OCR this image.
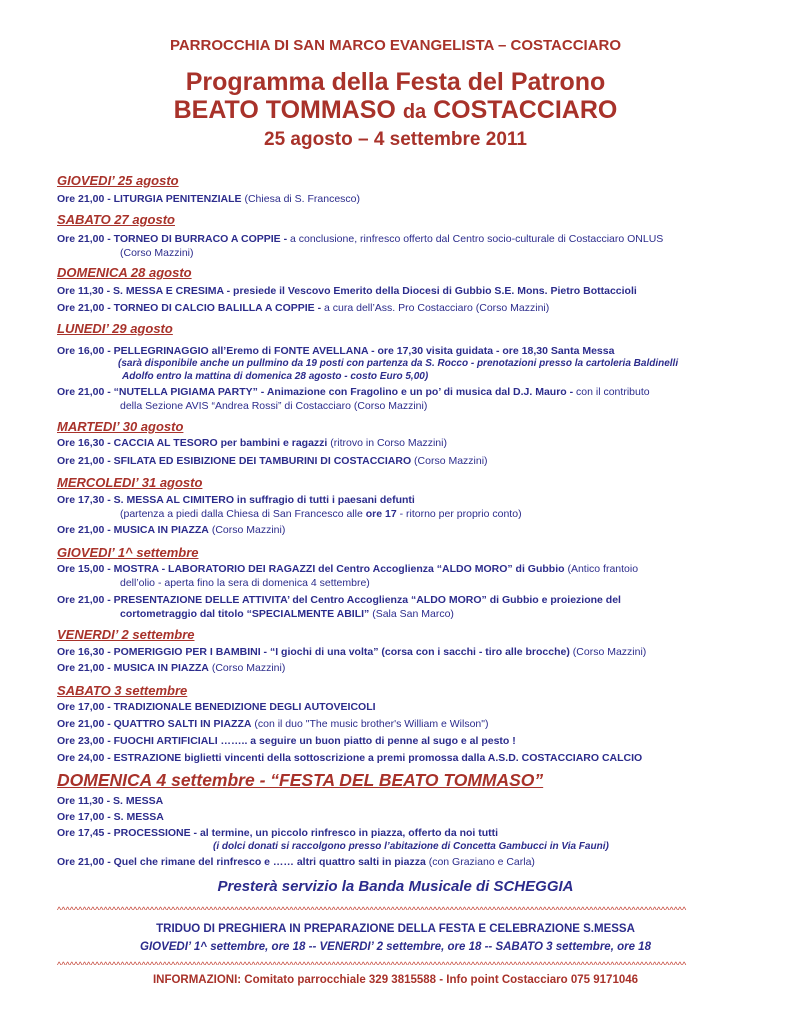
PARROCCHIA DI SAN MARCO EVANGELISTA – COSTACCIARO
Programma della Festa del Patrono
BEATO TOMMASO da COSTACCIARO
25 agosto – 4 settembre 2011
GIOVEDI’ 25 agosto
Ore 21,00 - LITURGIA PENITENZIALE (Chiesa di S. Francesco)
SABATO 27 agosto
Ore 21,00 - TORNEO DI BURRACO A COPPIE - a conclusione, rinfresco offerto dal Centro socio-culturale di Costacciaro ONLUS
(Corso Mazzini)
DOMENICA 28 agosto
Ore 11,30 - S. MESSA E CRESIMA - presiede il Vescovo Emerito della Diocesi di Gubbio S.E. Mons. Pietro Bottaccioli
Ore 21,00 - TORNEO DI CALCIO BALILLA A COPPIE - a cura dell’Ass. Pro Costacciaro (Corso Mazzini)
LUNEDI’ 29 agosto
Ore 16,00 - PELLEGRINAGGIO all’Eremo di FONTE AVELLANA - ore 17,30 visita guidata - ore 18,30 Santa Messa
(sarà disponibile anche un pullmino da 19 posti con partenza da S. Rocco - prenotazioni presso la cartoleria Baldinelli
Adolfo entro la mattina di domenica 28 agosto - costo Euro 5,00)
Ore 21,00 - “NUTELLA PIGIAMA PARTY” - Animazione con Fragolino e un po’ di musica dal D.J. Mauro - con il contributo
della Sezione AVIS “Andrea Rossi” di Costacciaro (Corso Mazzini)
MARTEDI’ 30 agosto
Ore 16,30 - CACCIA AL TESORO per bambini e ragazzi (ritrovo in Corso Mazzini)
Ore 21,00 - SFILATA ED ESIBIZIONE DEI TAMBURINI DI COSTACCIARO (Corso Mazzini)
MERCOLEDI’ 31 agosto
Ore 17,30 - S. MESSA AL CIMITERO in suffragio di tutti i paesani defunti
(partenza a piedi dalla Chiesa di San Francesco alle ore 17 - ritorno per proprio conto)
Ore 21,00 - MUSICA IN PIAZZA (Corso Mazzini)
GIOVEDI’ 1^ settembre
Ore 15,00 - MOSTRA - LABORATORIO DEI RAGAZZI del Centro Accoglienza “ALDO MORO” di Gubbio (Antico frantoio
dell’olio - aperta fino la sera di domenica 4 settembre)
Ore 21,00 - PRESENTAZIONE DELLE ATTIVITA’ del Centro Accoglienza “ALDO MORO” di Gubbio e proiezione del
cortometraggio dal titolo “SPECIALMENTE ABILI” (Sala San Marco)
VENERDI’ 2 settembre
Ore 16,30 - POMERIGGIO PER I BAMBINI - “I giochi di una volta” (corsa con i sacchi - tiro alle brocche) (Corso Mazzini)
Ore 21,00 - MUSICA IN PIAZZA (Corso Mazzini)
SABATO 3 settembre
Ore 17,00 - TRADIZIONALE BENEDIZIONE DEGLI AUTOVEICOLI
Ore 21,00 - QUATTRO SALTI IN PIAZZA (con il duo "The music brother's William e Wilson")
Ore 23,00 - FUOCHI ARTIFICIALI …….. a seguire un buon piatto di penne al sugo e al pesto !
Ore 24,00 - ESTRAZIONE biglietti vincenti della sottoscrizione a premi promossa dalla A.S.D. COSTACCIARO CALCIO
DOMENICA 4 settembre - “FESTA DEL BEATO TOMMASO”
Ore 11,30 - S. MESSA
Ore 17,00 - S. MESSA
Ore 17,45 - PROCESSIONE - al termine, un piccolo rinfresco in piazza, offerto da noi tutti
(i dolci donati si raccolgono presso l’abitazione di Concetta Gambucci in Via Fauni)
Ore 21,00 - Quel che rimane del rinfresco e …… altri quattro salti in piazza (con Graziano e Carla)
Presterà servizio la Banda Musicale di SCHEGGIA
^^^^^^^^^^^^^^^^^^^^^^^^^^^^^^^^^^^^^^^^^^^^^^^^^^^^^^^^^^^^^^^^^^^^^^^^^^^^^^^^^^^^^^^^^^^^^^^^^^^^^^^^^^^^^^^^^^^^^^^^^^^^^^^^^^^^^^^^^^^^^^^^^^^^^
TRIDUO DI PREGHIERA IN PREPARAZIONE DELLA FESTA E CELEBRAZIONE S.MESSA
GIOVEDI’ 1^ settembre, ore 18 -- VENERDI’ 2 settembre, ore 18 -- SABATO 3 settembre, ore 18
^^^^^^^^^^^^^^^^^^^^^^^^^^^^^^^^^^^^^^^^^^^^^^^^^^^^^^^^^^^^^^^^^^^^^^^^^^^^^^^^^^^^^^^^^^^^^^^^^^^^^^^^^^^^^^^^^^^^^^^^^^^^^^^^^^^^^^^^^^^^^^^^^^^^^
INFORMAZIONI: Comitato parrocchiale 329 3815588 - Info point Costacciaro 075 9171046
